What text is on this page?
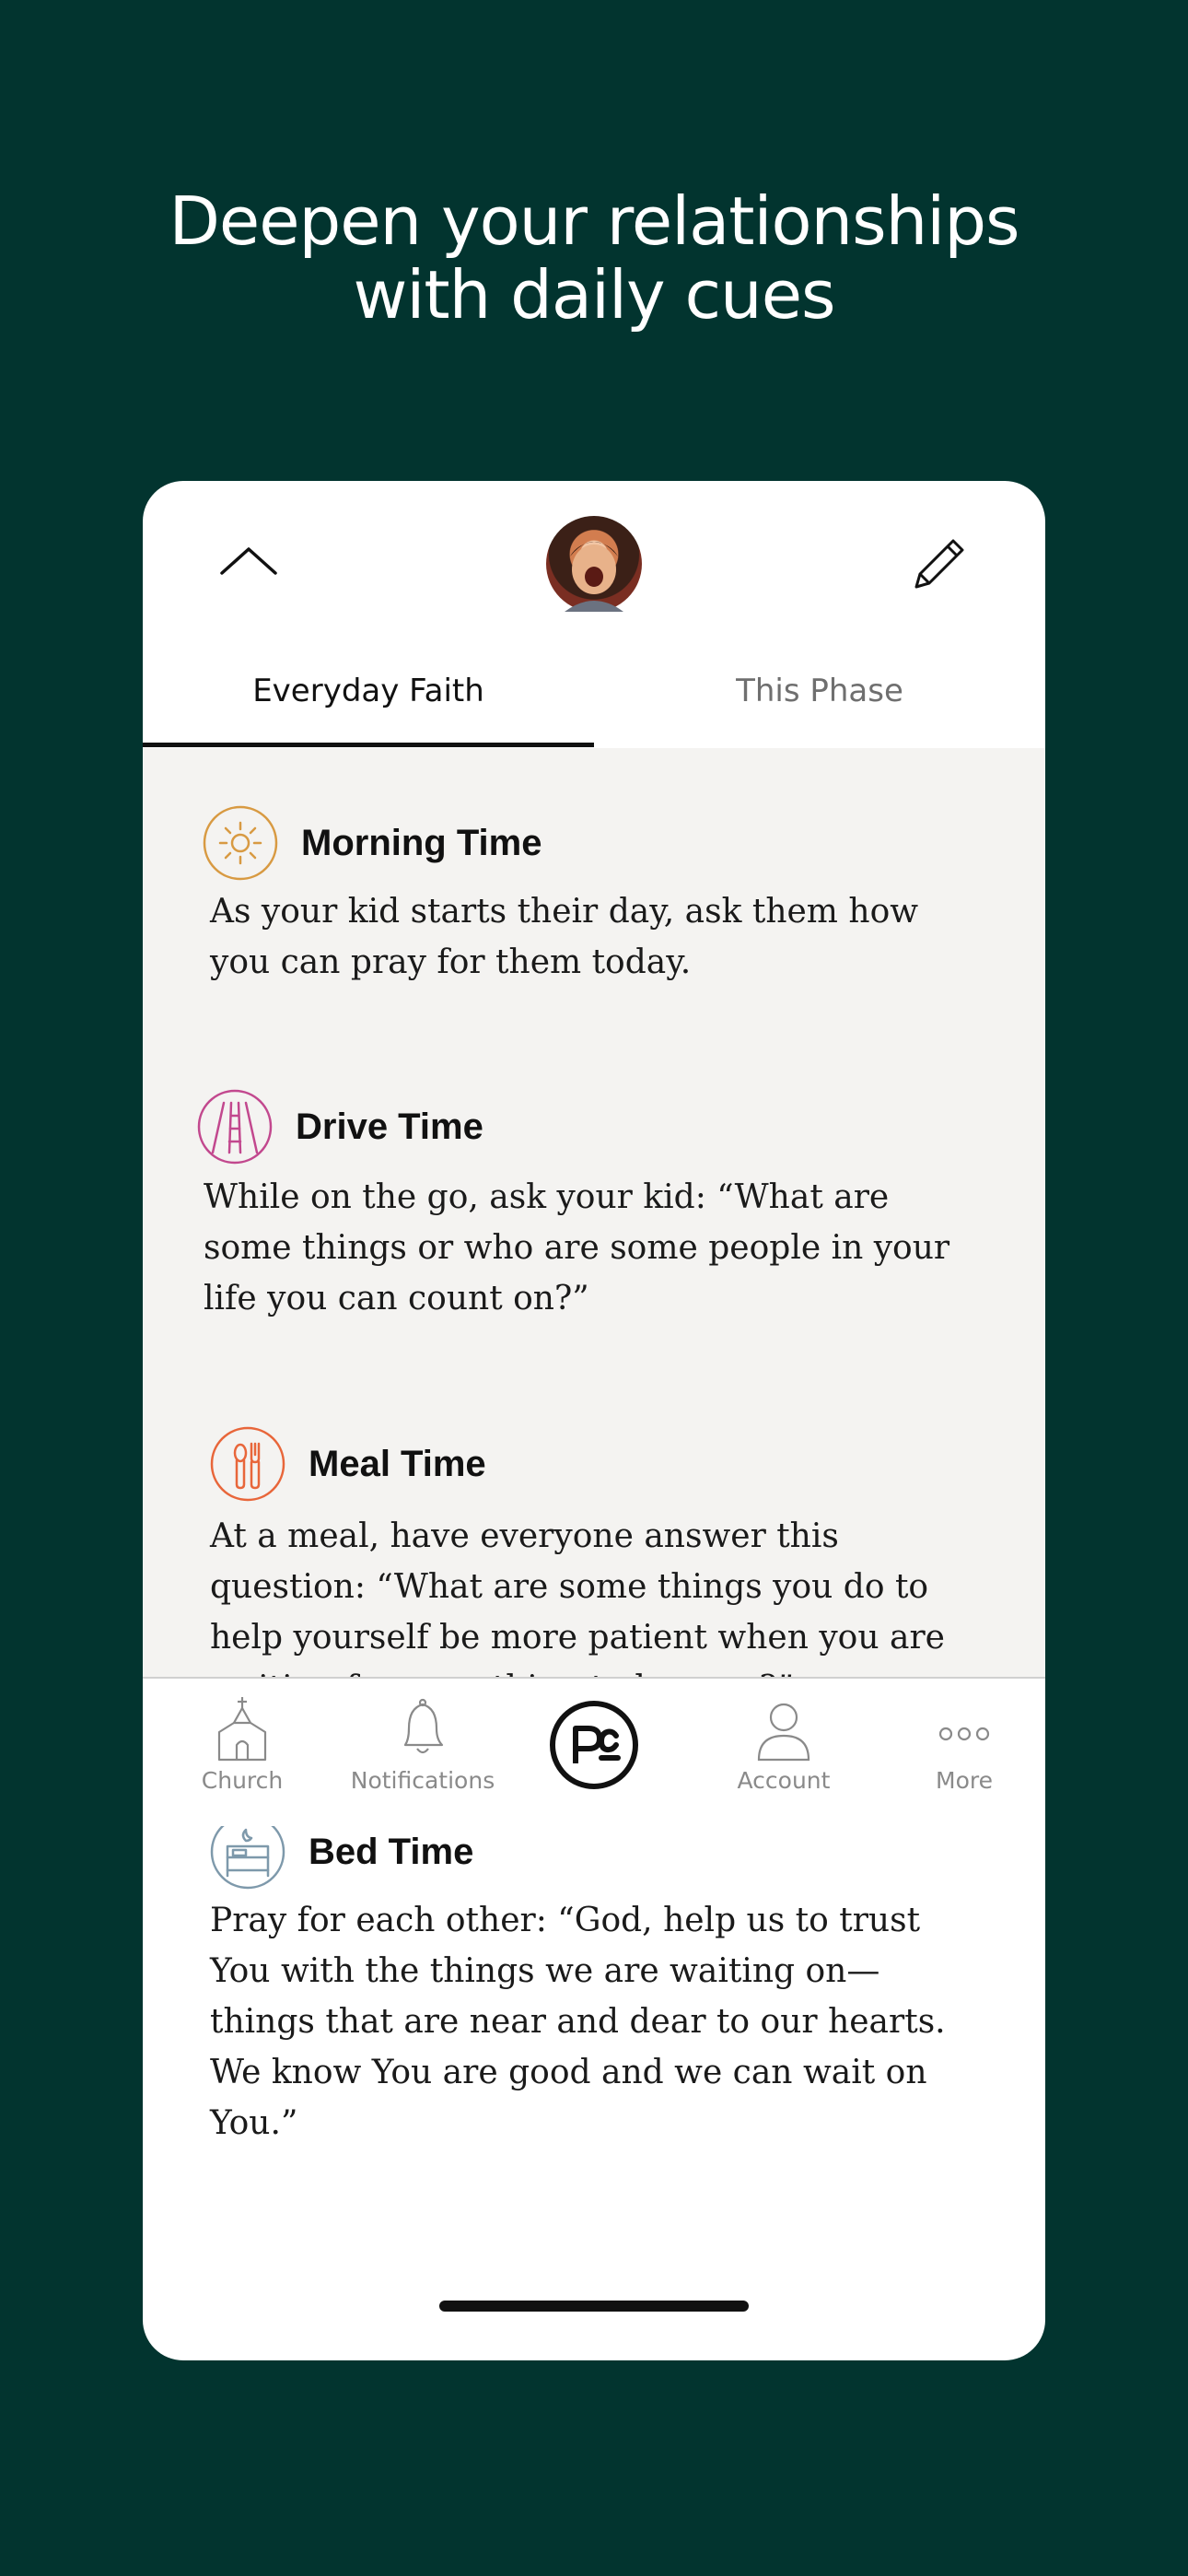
Deepen your relationships
with daily cues
Everyday Faith	This Phase
Morning Time
As your kid starts their day, ask them how you can pray for them today.
Drive Time
While on the go, ask your kid: “What are some things or who are some people in your life you can count on?”
Meal Time
At a meal, have everyone answer this question: “What are some things you do to help yourself be more patient when you are
Bed Time
Pray for each other: “God, help us to trust You with the things we are waiting on—things that are near and dear to our hearts. We know You are good and we can wait on You.”
Church	Notifications	Account	More
